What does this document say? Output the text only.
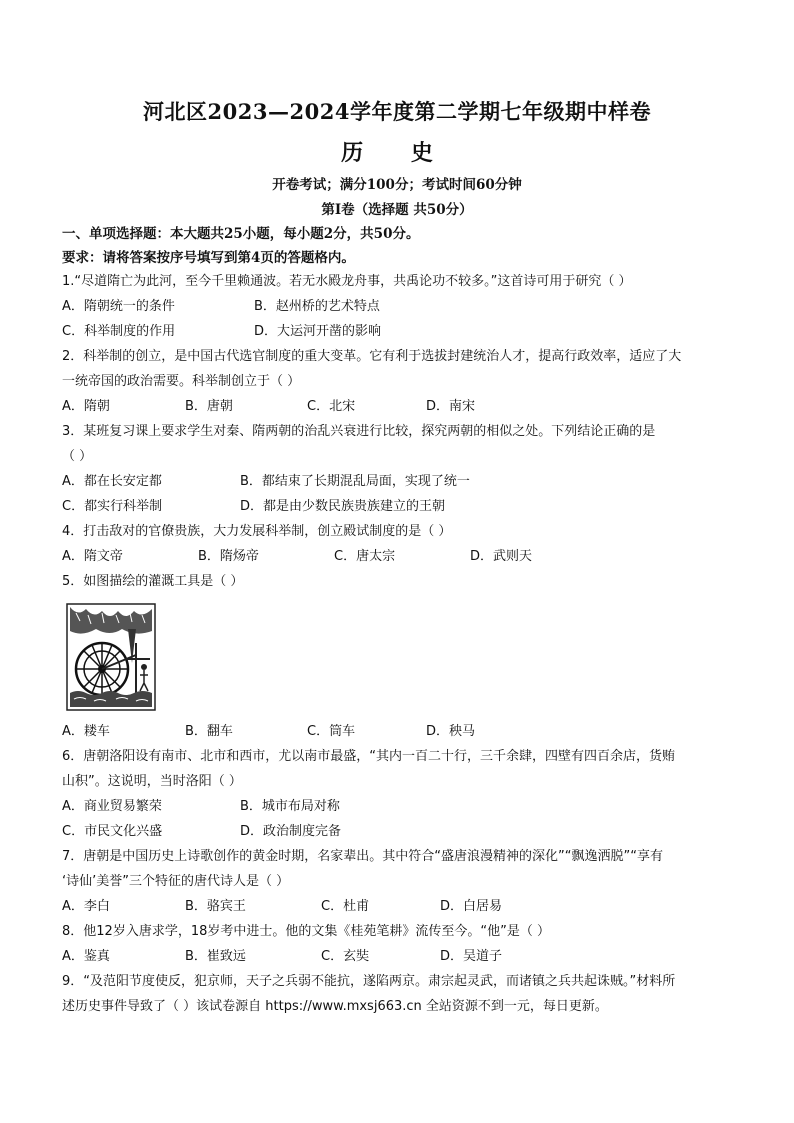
河北区2023—2024学年度第二学期七年级期中样卷
历 史
开卷考试；满分100分；考试时间60分钟
第Ⅰ卷（选择题 共50分）
一、单项选择题：本大题共25小题，每小题2分，共50分。
要求：请将答案按序号填写到第4页的答题格内。
1.“尽道隋亡为此河，至今千里赖通波。若无水殿龙舟事，共禹论功不较多。”这首诗可用于研究（ ）
A．隋朝统一的条件	B．赵州桥的艺术特点
C．科举制度的作用	D．大运河开凿的影响
2．科举制的创立，是中国古代选官制度的重大变革。它有利于选拔封建统治人才，提高行政效率，适应了大
一统帝国的政治需要。科举制创立于（ ）
A．隋朝	B．唐朝	C．北宋	D．南宋
3．某班复习课上要求学生对秦、隋两朝的治乱兴衰进行比较，探究两朝的相似之处。下列结论正确的是
（ ）
A．都在长安定都	B．都结束了长期混乱局面，实现了统一
C．都实行科举制	D．都是由少数民族贵族建立的王朝
4．打击敌对的官僚贵族，大力发展科举制，创立殿试制度的是（ ）
A．隋文帝	B．隋炀帝	C．唐太宗	D．武则天
5．如图描绘的灌溉工具是（ ）
A．耧车	B．翻车	C．筒车	D．秧马
6．唐朝洛阳设有南市、北市和西市，尤以南市最盛，“其内一百二十行，三千余肆，四壁有四百余店，货贿
山积”。这说明，当时洛阳（ ）
A．商业贸易繁荣	B．城市布局对称
C．市民文化兴盛	D．政治制度完备
7．唐朝是中国历史上诗歌创作的黄金时期，名家辈出。其中符合“盛唐浪漫精神的深化”“飘逸洒脱”“享有
‘诗仙’美誉”三个特征的唐代诗人是（ ）
A．李白	B．骆宾王	C．杜甫	D．白居易
8．他12岁入唐求学，18岁考中进士。他的文集《桂苑笔耕》流传至今。“他”是（ ）
A．鉴真	B．崔致远	C．玄奘	D．吴道子
9．“及范阳节度使反，犯京师，天子之兵弱不能抗，遂陷两京。肃宗起灵武，而诸镇之兵共起诛贼。”材料所
述历史事件导致了（ ）该试卷源自 https://www.mxsj663.cn 全站资源不到一元，每日更新。
